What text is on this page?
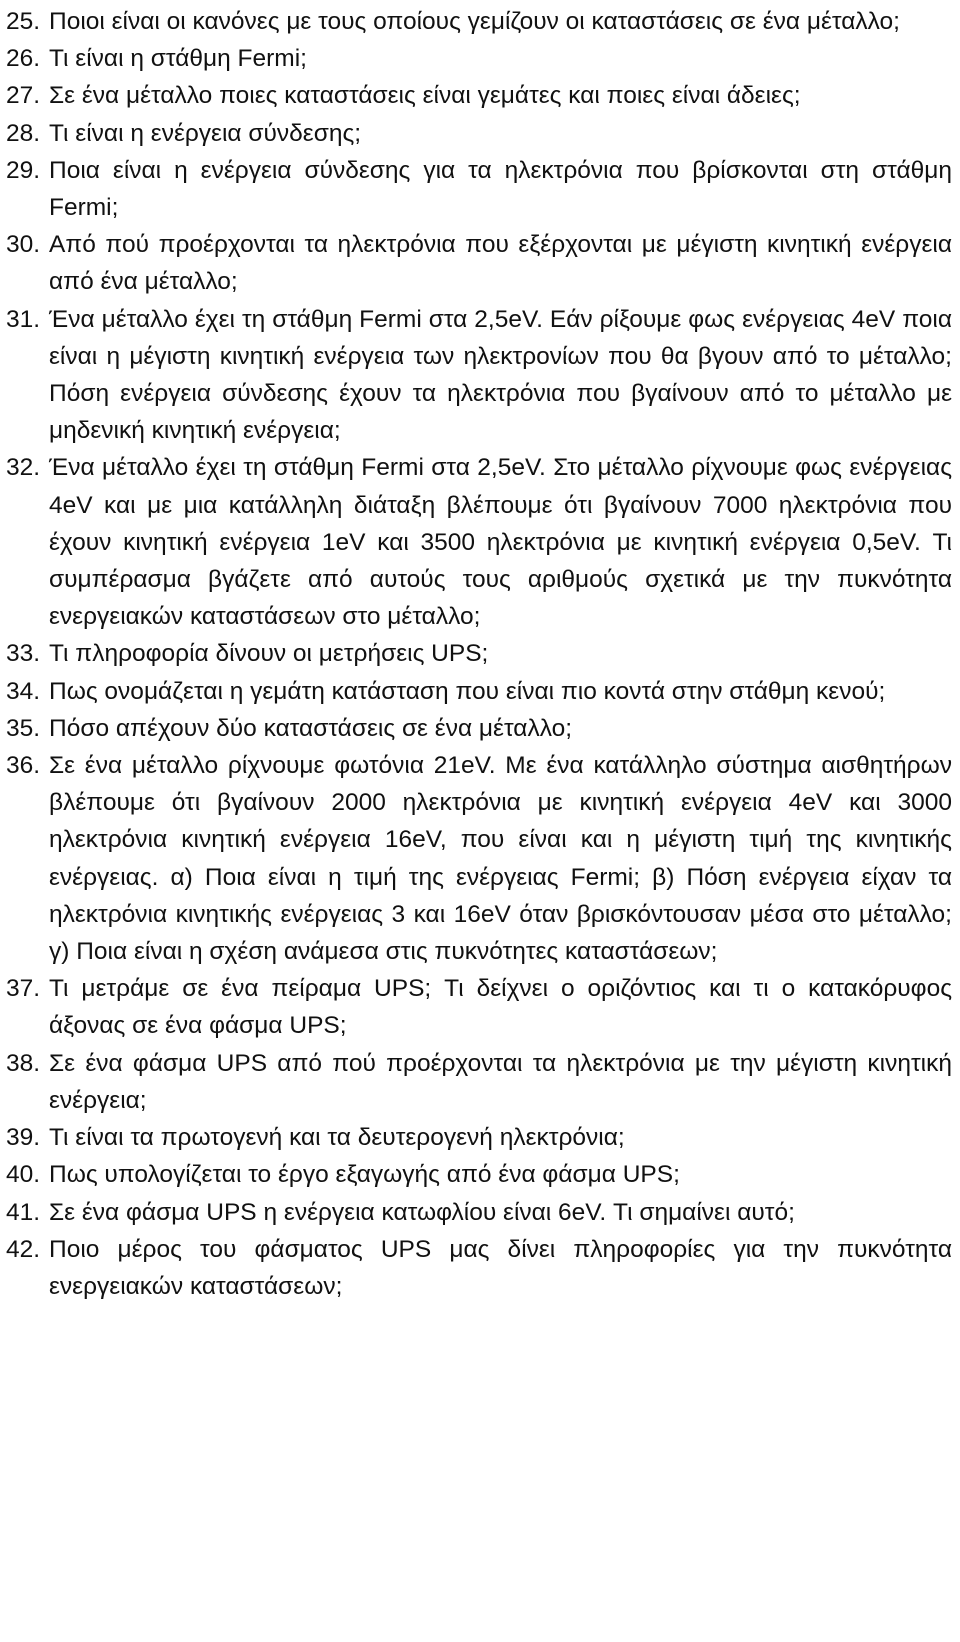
25. Ποιοι είναι οι κανόνες με τους οποίους γεμίζουν οι καταστάσεις σε ένα μέταλλο;
26. Τι είναι η στάθμη Fermi;
27. Σε ένα μέταλλο ποιες καταστάσεις είναι γεμάτες και ποιες είναι άδειες;
28. Τι είναι η ενέργεια σύνδεσης;
29. Ποια είναι η ενέργεια σύνδεσης για τα ηλεκτρόνια που βρίσκονται στη στάθμη Fermi;
30. Από πού προέρχονται τα ηλεκτρόνια που εξέρχονται με μέγιστη κινητική ενέργεια από ένα μέταλλο;
31. Ένα μέταλλο έχει τη στάθμη Fermi στα 2,5eV. Εάν ρίξουμε φως ενέργειας 4eV ποια είναι η μέγιστη κινητική ενέργεια των ηλεκτρονίων που θα βγουν από το μέταλλο; Πόση ενέργεια σύνδεσης έχουν τα ηλεκτρόνια που βγαίνουν από το μέταλλο με μηδενική κινητική ενέργεια;
32. Ένα μέταλλο έχει τη στάθμη Fermi στα 2,5eV. Στο μέταλλο ρίχνουμε φως ενέργειας 4eV και με μια κατάλληλη διάταξη βλέπουμε ότι βγαίνουν 7000 ηλεκτρόνια που έχουν κινητική ενέργεια 1eV και 3500 ηλεκτρόνια με κινητική ενέργεια 0,5eV. Τι συμπέρασμα βγάζετε από αυτούς τους αριθμούς σχετικά με την πυκνότητα ενεργειακών καταστάσεων στο μέταλλο;
33. Τι πληροφορία δίνουν οι μετρήσεις UPS;
34. Πως ονομάζεται η γεμάτη κατάσταση που είναι πιο κοντά στην στάθμη κενού;
35. Πόσο απέχουν δύο καταστάσεις σε ένα μέταλλο;
36. Σε ένα μέταλλο ρίχνουμε φωτόνια 21eV. Με ένα κατάλληλο σύστημα αισθητήρων βλέπουμε ότι βγαίνουν 2000 ηλεκτρόνια με κινητική ενέργεια 4eV και 3000 ηλεκτρόνια κινητική ενέργεια 16eV, που είναι και η μέγιστη τιμή της κινητικής ενέργειας. α) Ποια είναι η τιμή της ενέργειας Fermi; β) Πόση ενέργεια είχαν τα ηλεκτρόνια κινητικής ενέργειας 3 και 16eV όταν βρισκόντουσαν μέσα στο μέταλλο; γ) Ποια είναι η σχέση ανάμεσα στις πυκνότητες καταστάσεων;
37. Τι μετράμε σε ένα πείραμα UPS; Τι δείχνει ο οριζόντιος και τι ο κατακόρυφος άξονας σε ένα φάσμα UPS;
38. Σε ένα φάσμα UPS από πού προέρχονται τα ηλεκτρόνια με την μέγιστη κινητική ενέργεια;
39. Τι είναι τα πρωτογενή και τα δευτερογενή ηλεκτρόνια;
40. Πως υπολογίζεται το έργο εξαγωγής από ένα φάσμα UPS;
41. Σε ένα φάσμα UPS η ενέργεια κατωφλίου είναι 6eV. Τι σημαίνει αυτό;
42. Ποιο μέρος του φάσματος UPS μας δίνει πληροφορίες για την πυκνότητα ενεργειακών καταστάσεων;
